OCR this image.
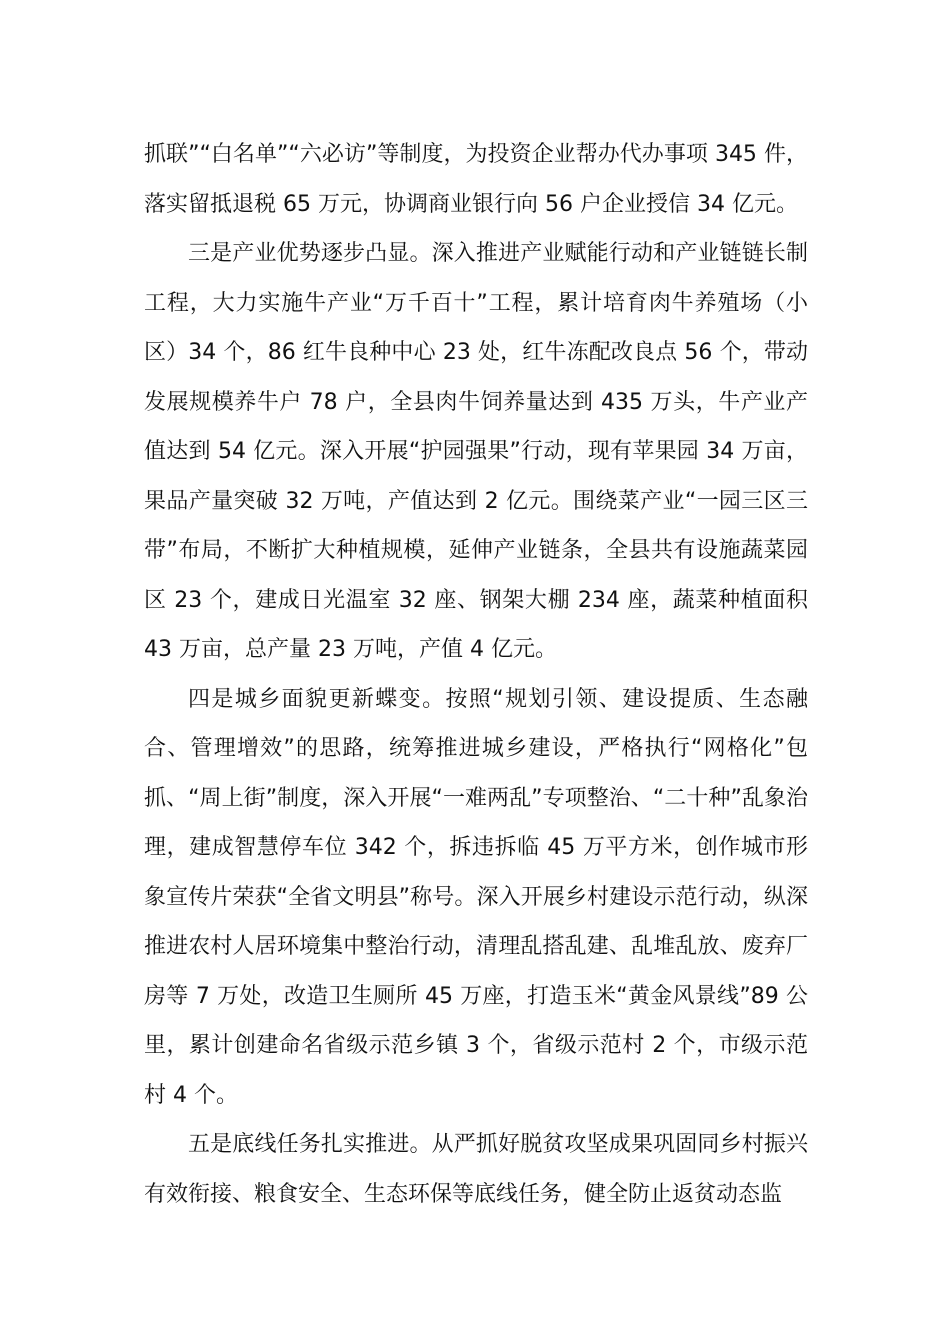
抓联”“白名单”“六必访”等制度，为投资企业帮办代办事项 345 件，落实留抵退税 65 万元，协调商业银行向 56 户企业授信 34 亿元。

三是产业优势逐步凸显。深入推进产业赋能行动和产业链链长制工程，大力实施牛产业“万千百十”工程，累计培育肉牛养殖场（小区）34 个，86 红牛良种中心 23 处，红牛冻配改良点 56 个，带动发展规模养牛户 78 户，全县肉牛饲养量达到 435 万头，牛产业产值达到 54 亿元。深入开展“护园强果”行动，现有苹果园 34 万亩，果品产量突破 32 万吨，产值达到 2 亿元。围绕菜产业“一园三区三带”布局，不断扩大种植规模，延伸产业链条，全县共有设施蔬菜园区 23 个，建成日光温室 32 座、钢架大棚 234 座，蔬菜种植面积 43 万亩，总产量 23 万吨，产值 4 亿元。

四是城乡面貌更新蝶变。按照“规划引领、建设提质、生态融合、管理增效”的思路，统筹推进城乡建设，严格执行“网格化”包抓、“周上街”制度，深入开展“一难两乱”专项整治、“二十种”乱象治理，建成智慧停车位 342 个，拆违拆临 45 万平方米，创作城市形象宣传片荣获“全省文明县”称号。深入开展乡村建设示范行动，纵深推进农村人居环境集中整治行动，清理乱搭乱建、乱堆乱放、废弃厂房等 7 万处，改造卫生厕所 45 万座，打造玉米“黄金风景线”89 公里，累计创建命名省级示范乡镇 3 个，省级示范村 2 个，市级示范村 4 个。

五是底线任务扎实推进。从严抓好脱贫攻坚成果巩固同乡村振兴有效衔接、粮食安全、生态环保等底线任务，健全防止返贫动态监
